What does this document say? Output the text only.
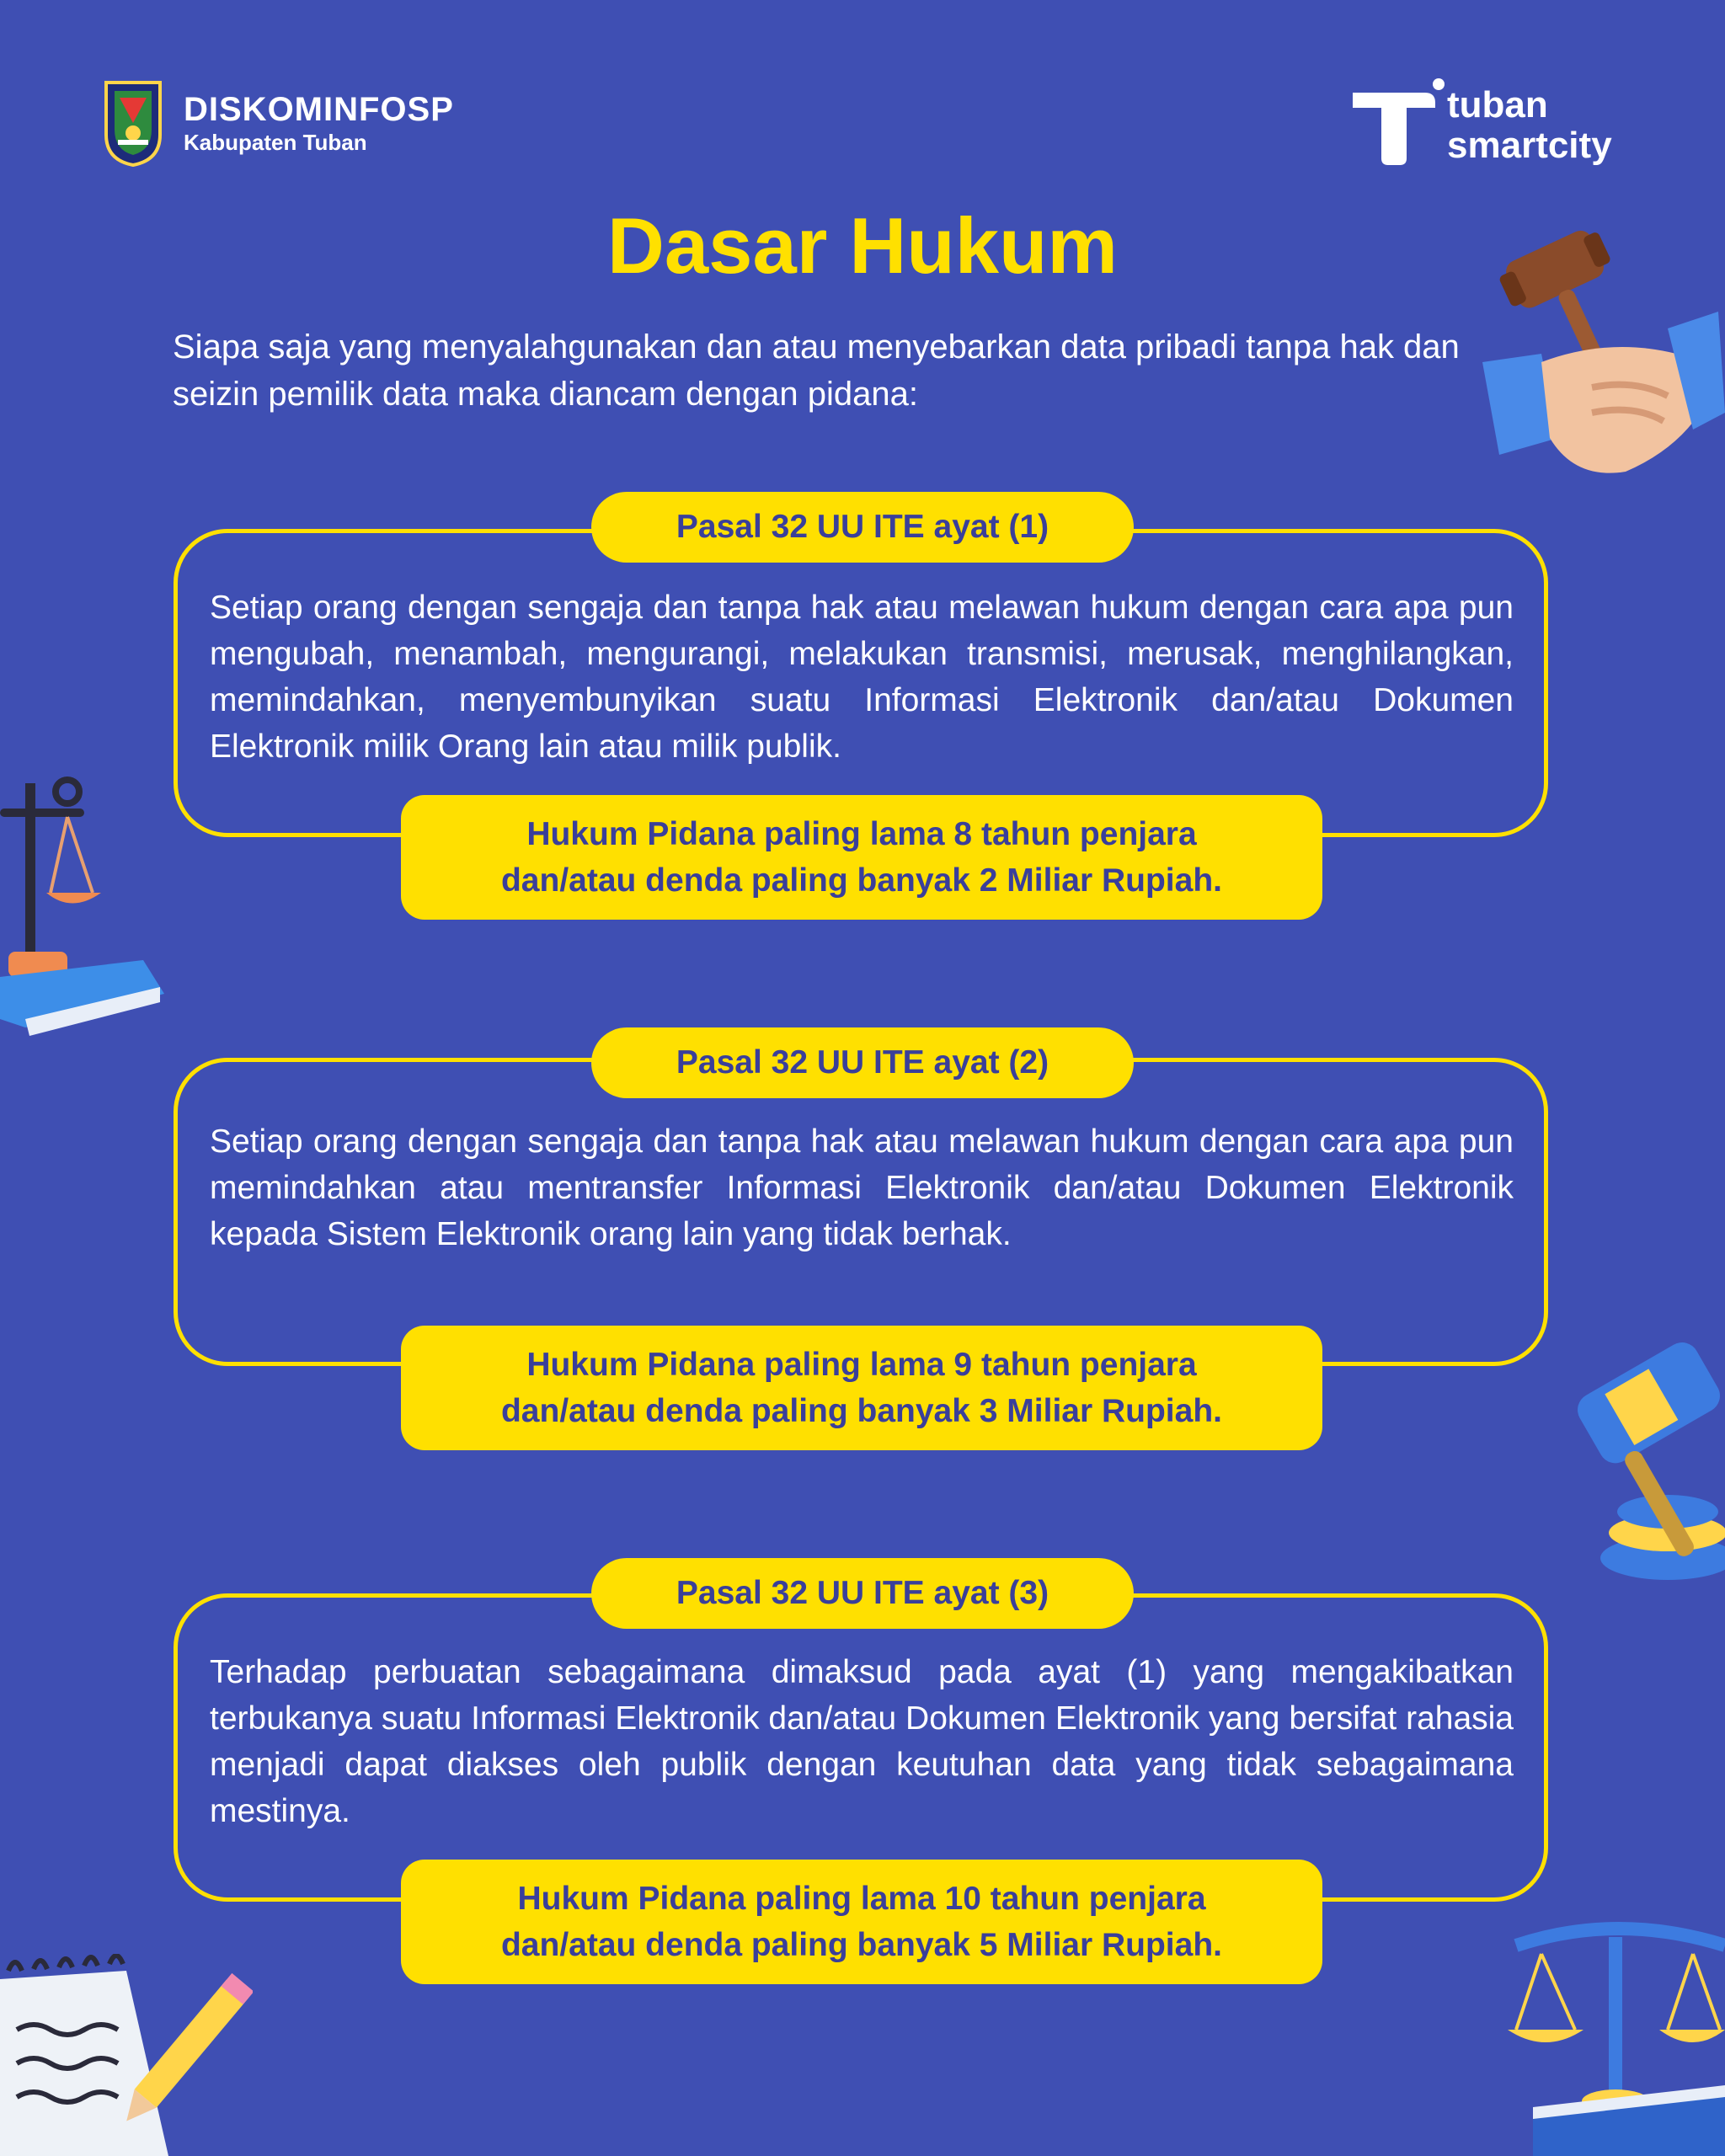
DISKOMINFOSP
Kabupaten Tuban
tuban
smartcity
Dasar Hukum
Siapa saja yang menyalahgunakan dan atau menyebarkan data pribadi tanpa hak dan seizin pemilik data maka diancam dengan pidana:
Pasal 32 UU ITE ayat (1)
Setiap orang dengan sengaja dan tanpa hak atau melawan hukum dengan cara apa pun mengubah, menambah, mengurangi, melakukan transmisi, merusak, menghilangkan, memindahkan, menyembunyikan suatu Informasi Elektronik dan/atau Dokumen Elektronik milik Orang lain atau milik publik.
Hukum Pidana paling lama 8 tahun penjara
dan/atau denda paling banyak 2 Miliar Rupiah.
Pasal 32 UU ITE ayat (2)
Setiap orang dengan sengaja dan tanpa hak atau melawan hukum dengan cara apa pun memindahkan atau mentransfer Informasi Elektronik dan/atau Dokumen Elektronik kepada Sistem Elektronik orang lain yang tidak berhak.
Hukum Pidana paling lama 9 tahun penjara
dan/atau denda paling banyak 3 Miliar Rupiah.
Pasal 32 UU ITE ayat (3)
Terhadap perbuatan sebagaimana dimaksud pada ayat (1) yang mengakibatkan terbukanya suatu Informasi Elektronik dan/atau Dokumen Elektronik yang bersifat rahasia menjadi dapat diakses oleh publik dengan keutuhan data yang tidak sebagaimana mestinya.
Hukum Pidana paling lama 10 tahun penjara
dan/atau denda paling banyak 5 Miliar Rupiah.
